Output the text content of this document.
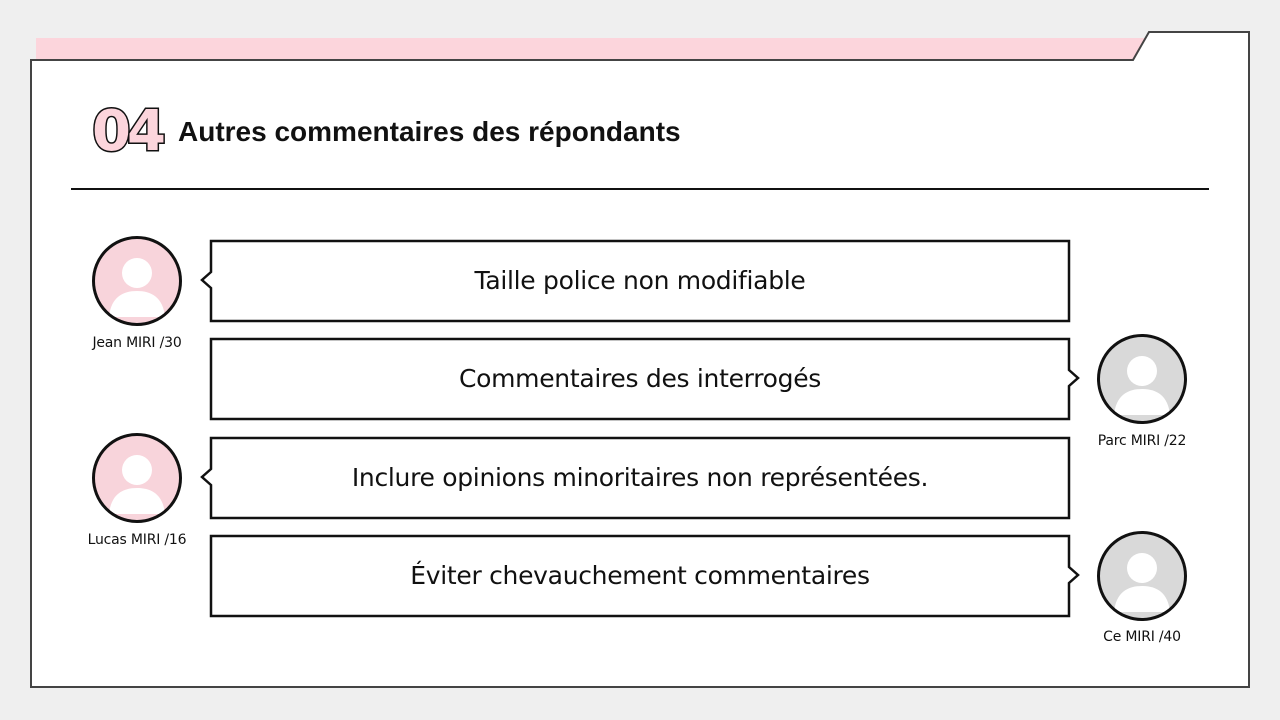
04 Autres commentaires des répondants
Jean MIRI /30
Taille police non modifiable
Commentaires des interrogés
Parc MIRI /22
Lucas MIRI /16
Inclure opinions minoritaires non représentées.
Éviter chevauchement commentaires
Ce MIRI /40
